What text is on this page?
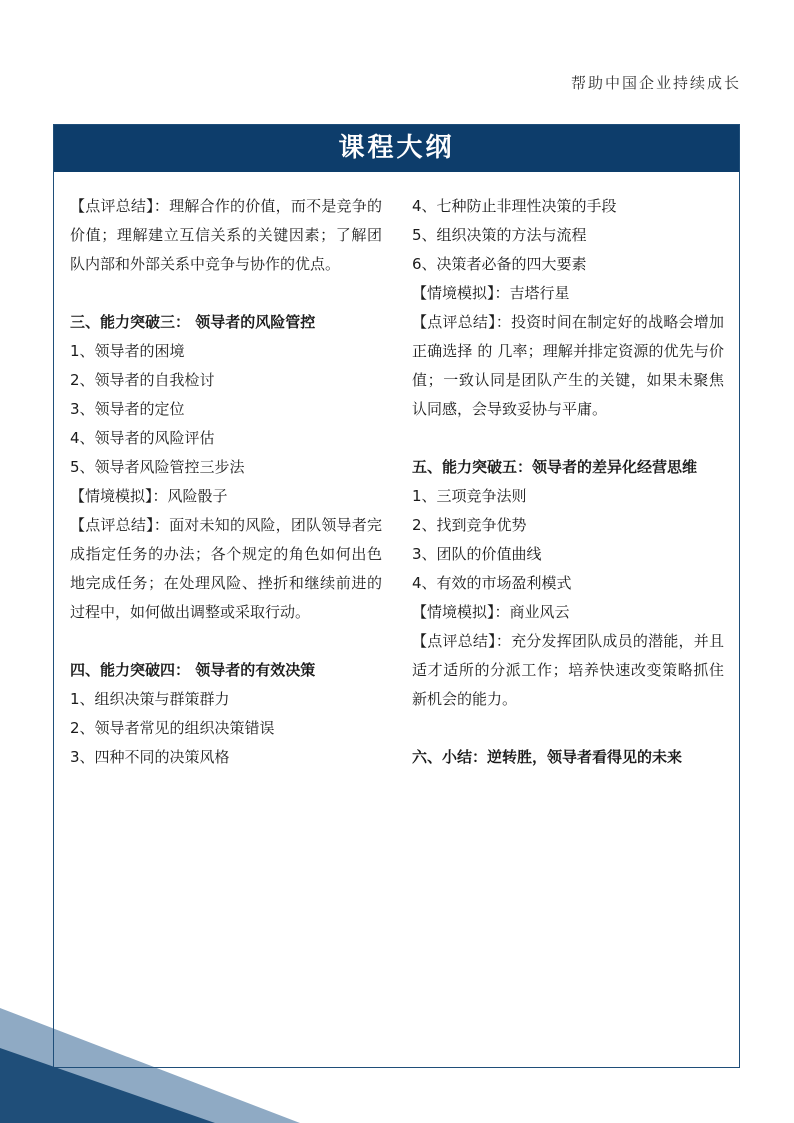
帮助中国企业持续成长
课程大纲
【点评总结】：理解合作的价值，而不是竞争的价值；理解建立互信关系的关键因素；了解团队内部和外部关系中竞争与协作的优点。
三、能力突破三： 领导者的风险管控
1、领导者的困境
2、领导者的自我检讨
3、领导者的定位
4、领导者的风险评估
5、领导者风险管控三步法
【情境模拟】：风险骰子
【点评总结】：面对未知的风险，团队领导者完成指定任务的办法；各个规定的角色如何出色地完成任务；在处理风险、挫折和继续前进的过程中，如何做出调整或采取行动。
四、能力突破四： 领导者的有效决策
1、组织决策与群策群力
2、领导者常见的组织决策错误
3、四种不同的决策风格
4、七种防止非理性决策的手段
5、组织决策的方法与流程
6、决策者必备的四大要素
【情境模拟】：吉塔行星
【点评总结】：投资时间在制定好的战略会增加正确选择 的 几率；理解并排定资源的优先与价值；一致认同是团队产生的关键，如果未聚焦认同感，会导致妥协与平庸。
五、能力突破五：领导者的差异化经营思维
1、三项竞争法则
2、找到竞争优势
3、团队的价值曲线
4、有效的市场盈利模式
【情境模拟】：商业风云
【点评总结】：充分发挥团队成员的潜能，并且适才适所的分派工作；培养快速改变策略抓住新机会的能力。
六、小结：逆转胜，领导者看得见的未来
